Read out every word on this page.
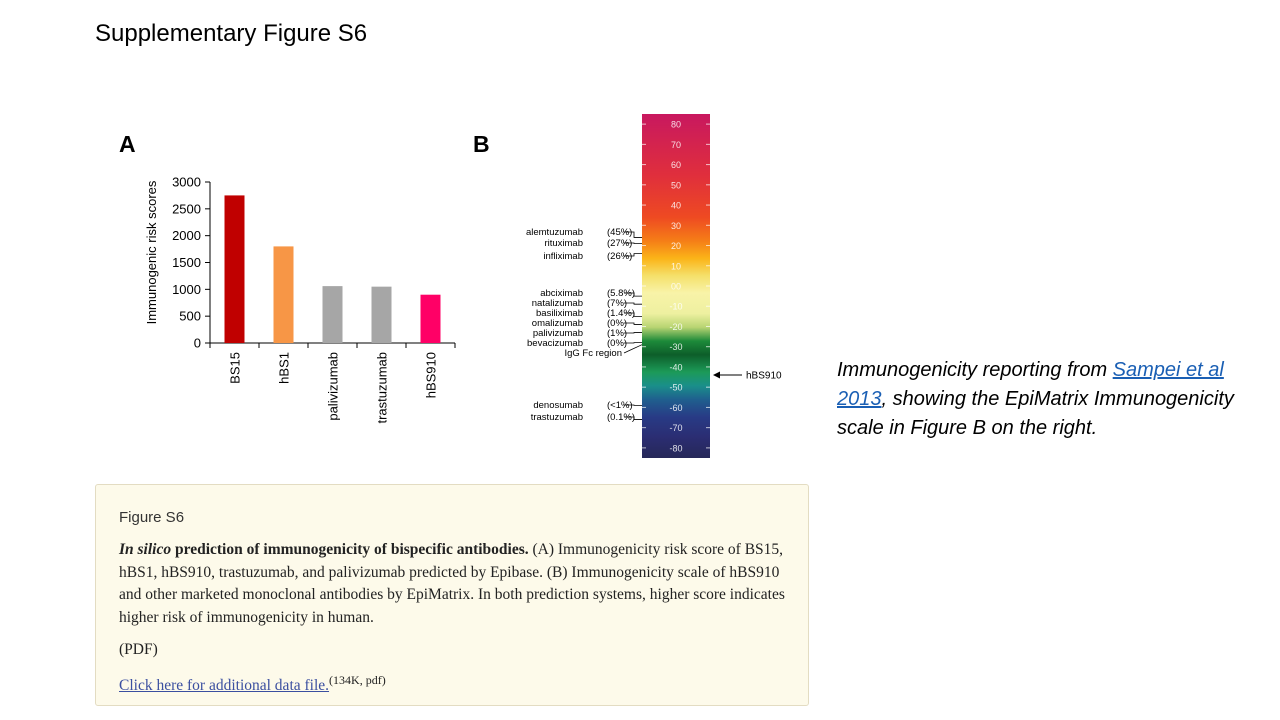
Supplementary Figure S6
A	B
0
500
1000
1500
2000
2500
3000
Immunogenic risk scores
BS15	hBS1	palivizumab	trastuzumab	hBS910
80
70
60
50
40
30
20
10
00
-10
-20
-30
-40
-50
-60
-70
-80
alemtuzumab	(45%)
rituximab	(27%)
infliximab	(26%)
abciximab	(5.8%)
natalizumab	(7%)
basiliximab	(1.4%)
omalizumab	(0%)
palivizumab	(1%)
bevacizumab	(0%)
IgG Fc region
denosumab	(<1%)
trastuzumab	(0.1%)
hBS910	Immunogenicity reporting from Sampei et al 2013, showing the EpiMatrix Immunogenicity scale in Figure B on the right.
Figure S6
In silico prediction of immunogenicity of bispecific antibodies. (A) Immunogenicity risk score of BS15, hBS1, hBS910, trastuzumab, and palivizumab predicted by Epibase. (B) Immunogenicity scale of hBS910 and other marketed monoclonal antibodies by EpiMatrix. In both prediction systems, higher score indicates higher risk of immunogenicity in human.
(PDF)
Click here for additional data file.$^{(134K, pdf)}$
